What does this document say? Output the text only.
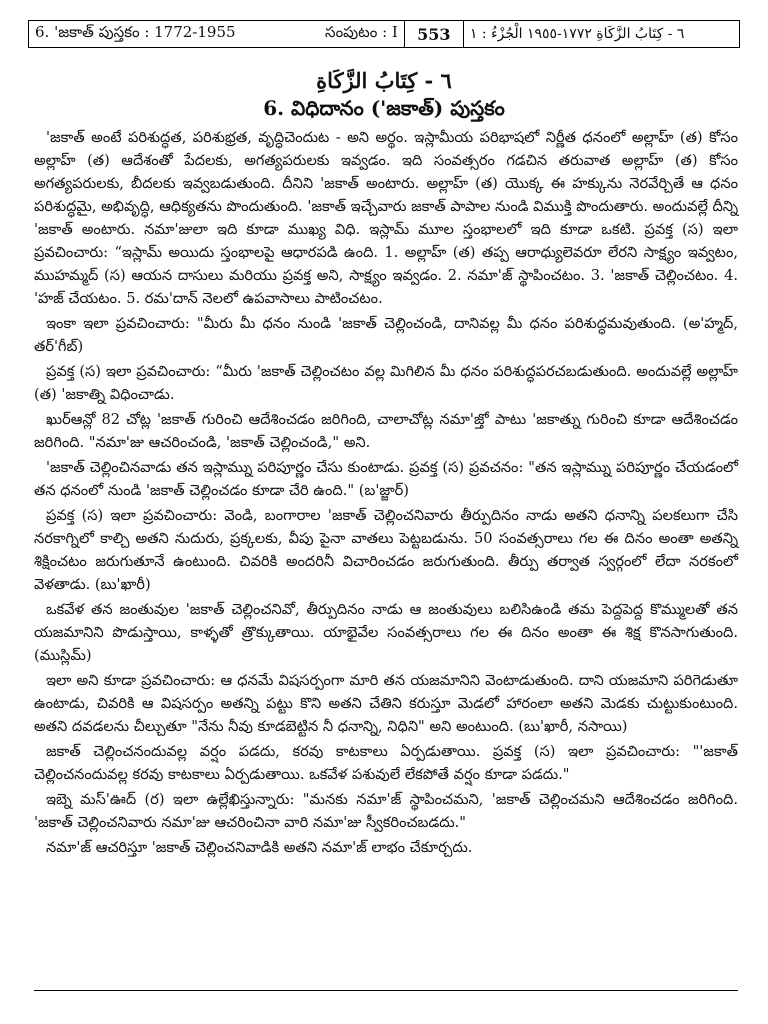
6. 'జకాత్ పుస్తకం : 1772-1955	సంపుటం : I	553	٦ - كِتَابُ الزَّكَاةِ ١٧٧٢-١٩٥٥ الْجُزْءُ : ١
٦ - كِتَابُ الزَّكَاةِ
6. విధిదానం ('జకాత్) పుస్తకం

'జకాత్ అంటే పరిశుద్ధత, పరిశుభ్రత, వృద్ధిచెందుట - అని అర్థం. ఇస్లామీయ పరిభాషలో నిర్ణీత ధనంలో అల్లాహ్ (త) కోసం అల్లాహ్ (త) ఆదేశంతో పేదలకు, అగత్యపరులకు ఇవ్వడం. ఇది సంవత్సరం గడచిన తరువాత అల్లాహ్ (త) కోసం అగత్యపరులకు, బీదలకు ఇవ్వబడుతుంది. దీనిని 'జకాత్ అంటారు. అల్లాహ్ (త) యొక్క ఈ హక్కును నెరవేర్చితే ఆ ధనం పరిశుద్ధమై, అభివృద్ధి, ఆధిక్యతను పొందుతుంది. 'జకాత్ ఇచ్చేవారు జకాత్ పాపాల నుండి విముక్తి పొందుతారు. అందువల్లే దీన్ని 'జకాత్ అంటారు. నమా'జులా ఇది కూడా ముఖ్య విధి. ఇస్లామ్ మూల స్తంభాలలో ఇది కూడా ఒకటి. ప్రవక్త (స) ఇలా ప్రవచించారు: “ఇస్లామ్ అయిదు స్తంభాలపై ఆధారపడి ఉంది. 1. అల్లాహ్ (త) తప్ప ఆరాధ్యులెవరూ లేరని సాక్ష్యం ఇవ్వటం, ముహమ్మద్ (స) ఆయన దాసులు మరియు ప్రవక్త అని, సాక్ష్యం ఇవ్వడం. 2. నమా'జ్ స్థాపించటం. 3. 'జకాత్ చెల్లించటం. 4. 'హజ్ చేయటం. 5. రమ'దాన్ నెలలో ఉపవాసాలు పాటించటం.

ఇంకా ఇలా ప్రవచించారు: "మీరు మీ ధనం నుండి 'జకాత్ చెల్లించండి, దానివల్ల మీ ధనం పరిశుద్ధమవుతుంది. (అ'హ్మద్, తర్'గీబ్)

ప్రవక్త (స) ఇలా ప్రవచించారు: “మీరు 'జకాత్ చెల్లించటం వల్ల మిగిలిన మీ ధనం పరిశుద్ధపరచబడుతుంది. అందువల్లే అల్లాహ్ (త) 'జకాత్ని విధించాడు.

ఖుర్ఆన్లో 82 చోట్ల 'జకాత్ గురించి ఆదేశించడం జరిగింది, చాలాచోట్ల నమా'జ్తో పాటు 'జకాత్ను గురించి కూడా ఆదేశించడం జరిగింది. "నమా'జు ఆచరించండి, 'జకాత్ చెల్లించండి," అని.

'జకాత్ చెల్లించినవాడు తన ఇస్లామ్ను పరిపూర్ణం చేసు కుంటాడు. ప్రవక్త (స) ప్రవచనం: "తన ఇస్లామ్ను పరిపూర్ణం చేయడంలో తన ధనంలో నుండి 'జకాత్ చెల్లించడం కూడా చేరి ఉంది." (బ'జ్జార్)

ప్రవక్త (స) ఇలా ప్రవచించారు: వెండి, బంగారాల 'జకాత్ చెల్లించనివారు తీర్పుదినం నాడు అతని ధనాన్ని పలకలుగా చేసి నరకాగ్నిలో కాల్చి అతని నుదురు, ప్రక్కలకు, వీపు పైనా వాతలు పెట్టబడును. 50 సంవత్సరాలు గల ఈ దినం అంతా అతన్ని శిక్షించటం జరుగుతూనే ఉంటుంది. చివరికి అందరినీ విచారించడం జరుగుతుంది. తీర్పు తర్వాత స్వర్గంలో లేదా నరకంలో వెళతాడు. (బు'ఖారీ)

ఒకవేళ తన జంతువుల 'జకాత్ చెల్లించనివో, తీర్పుదినం నాడు ఆ జంతువులు బలిసిఉండి తమ పెద్దపెద్ద కొమ్ములతో తన యజమానిని పొడుస్తాయి, కాళ్ళతో త్రొక్కుతాయి. యాభైవేల సంవత్సరాలు గల ఈ దినం అంతా ఈ శిక్ష కొనసాగుతుంది. (ముస్లిమ్)

ఇలా అని కూడా ప్రవచించారు: ఆ ధనమే విషసర్పంగా మారి తన యజమానిని వెంటాడుతుంది. దాని యజమాని పరిగెడుతూ ఉంటాడు, చివరికి ఆ విషసర్పం అతన్ని పట్టు కొని అతని చేతిని కరుస్తూ మెడలో హారంలా అతని మెడకు చుట్టుకుంటుంది. అతని దవడలను చీల్చుతూ "నేను నీవు కూడబెట్టిన నీ ధనాన్ని, నిధిని" అని అంటుంది. (బు'ఖారీ, నసాయి)

జకాత్ చెల్లించనందువల్ల వర్షం పడదు, కరవు కాటకాలు ఏర్పడుతాయి. ప్రవక్త (స) ఇలా ప్రవచించారు: "'జకాత్ చెల్లించనందువల్ల కరవు కాటకాలు ఏర్పడుతాయి. ఒకవేళ పశువులే లేకపోతే వర్షం కూడా పడదు."

ఇబ్నె మస్'ఊద్ (ర) ఇలా ఉల్లేఖిస్తున్నారు: "మనకు నమా'జ్ స్థాపించమని, 'జకాత్ చెల్లించమని ఆదేశించడం జరిగింది. 'జకాత్ చెల్లించనివారు నమా'జు ఆచరించినా వారి నమా'జు స్వీకరించబడదు."

నమా'జ్ ఆచరిస్తూ 'జకాత్ చెల్లించనివాడికి అతని నమా'జ్ లాభం చేకూర్చదు.
